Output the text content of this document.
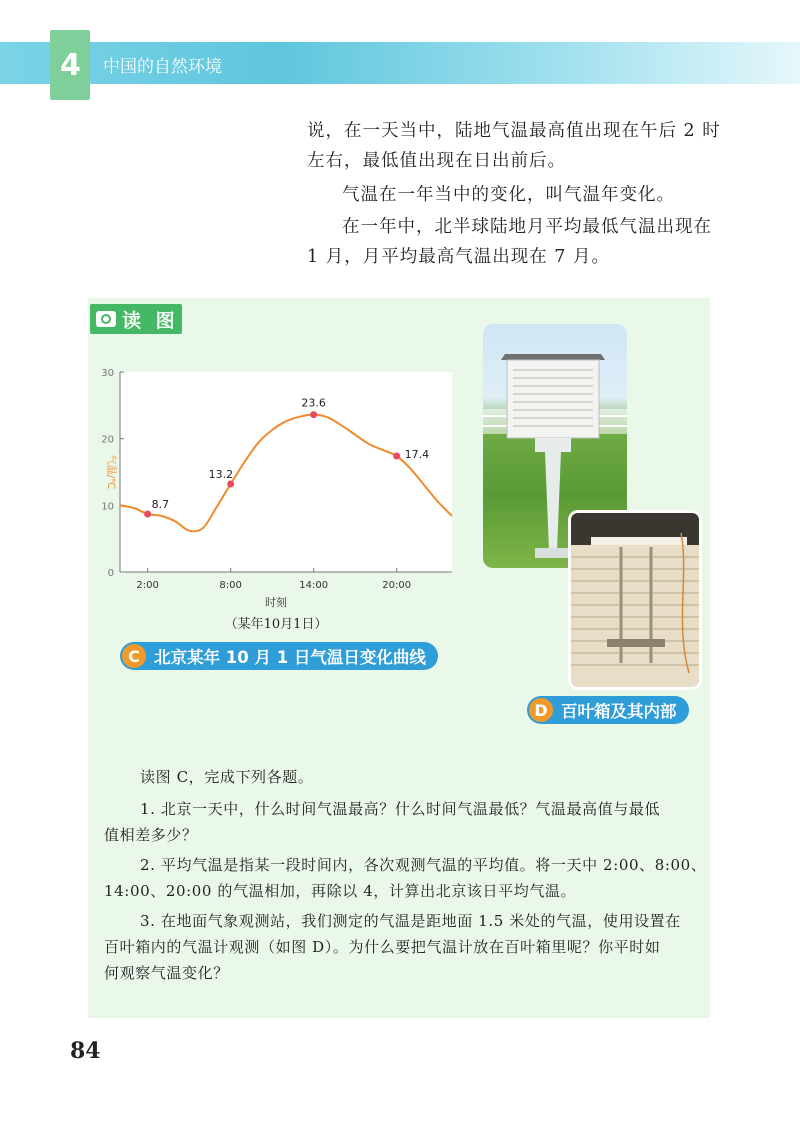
4 中国的自然环境

说，在一天当中，陆地气温最高值出现在午后 2 时

左右，最低值出现在日出前后。

气温在一年当中的变化，叫气温年变化。

在一年中，北半球陆地月平均最低气温出现在

1 月，月平均最高气温出现在 7 月。

读 图
0
10
20
30
2:00	8:00	14:00	20:00
气温/℃
时刻
（某年10月1日）
8.7
13.2
23.6
17.4
C 北京某年 10 月 1 日气温日变化曲线
D 百叶箱及其内部

读图 C，完成下列各题。

1. 北京一天中，什么时间气温最高？什么时间气温最低？气温最高值与最低

值相差多少？

2. 平均气温是指某一段时间内，各次观测气温的平均值。将一天中 2:00、8:00、

14:00、20:00 的气温相加，再除以 4，计算出北京该日平均气温。

3. 在地面气象观测站，我们测定的气温是距地面 1.5 米处的气温，使用设置在

百叶箱内的气温计观测（如图 D）。为什么要把气温计放在百叶箱里呢？你平时如

何观察气温变化？

84
